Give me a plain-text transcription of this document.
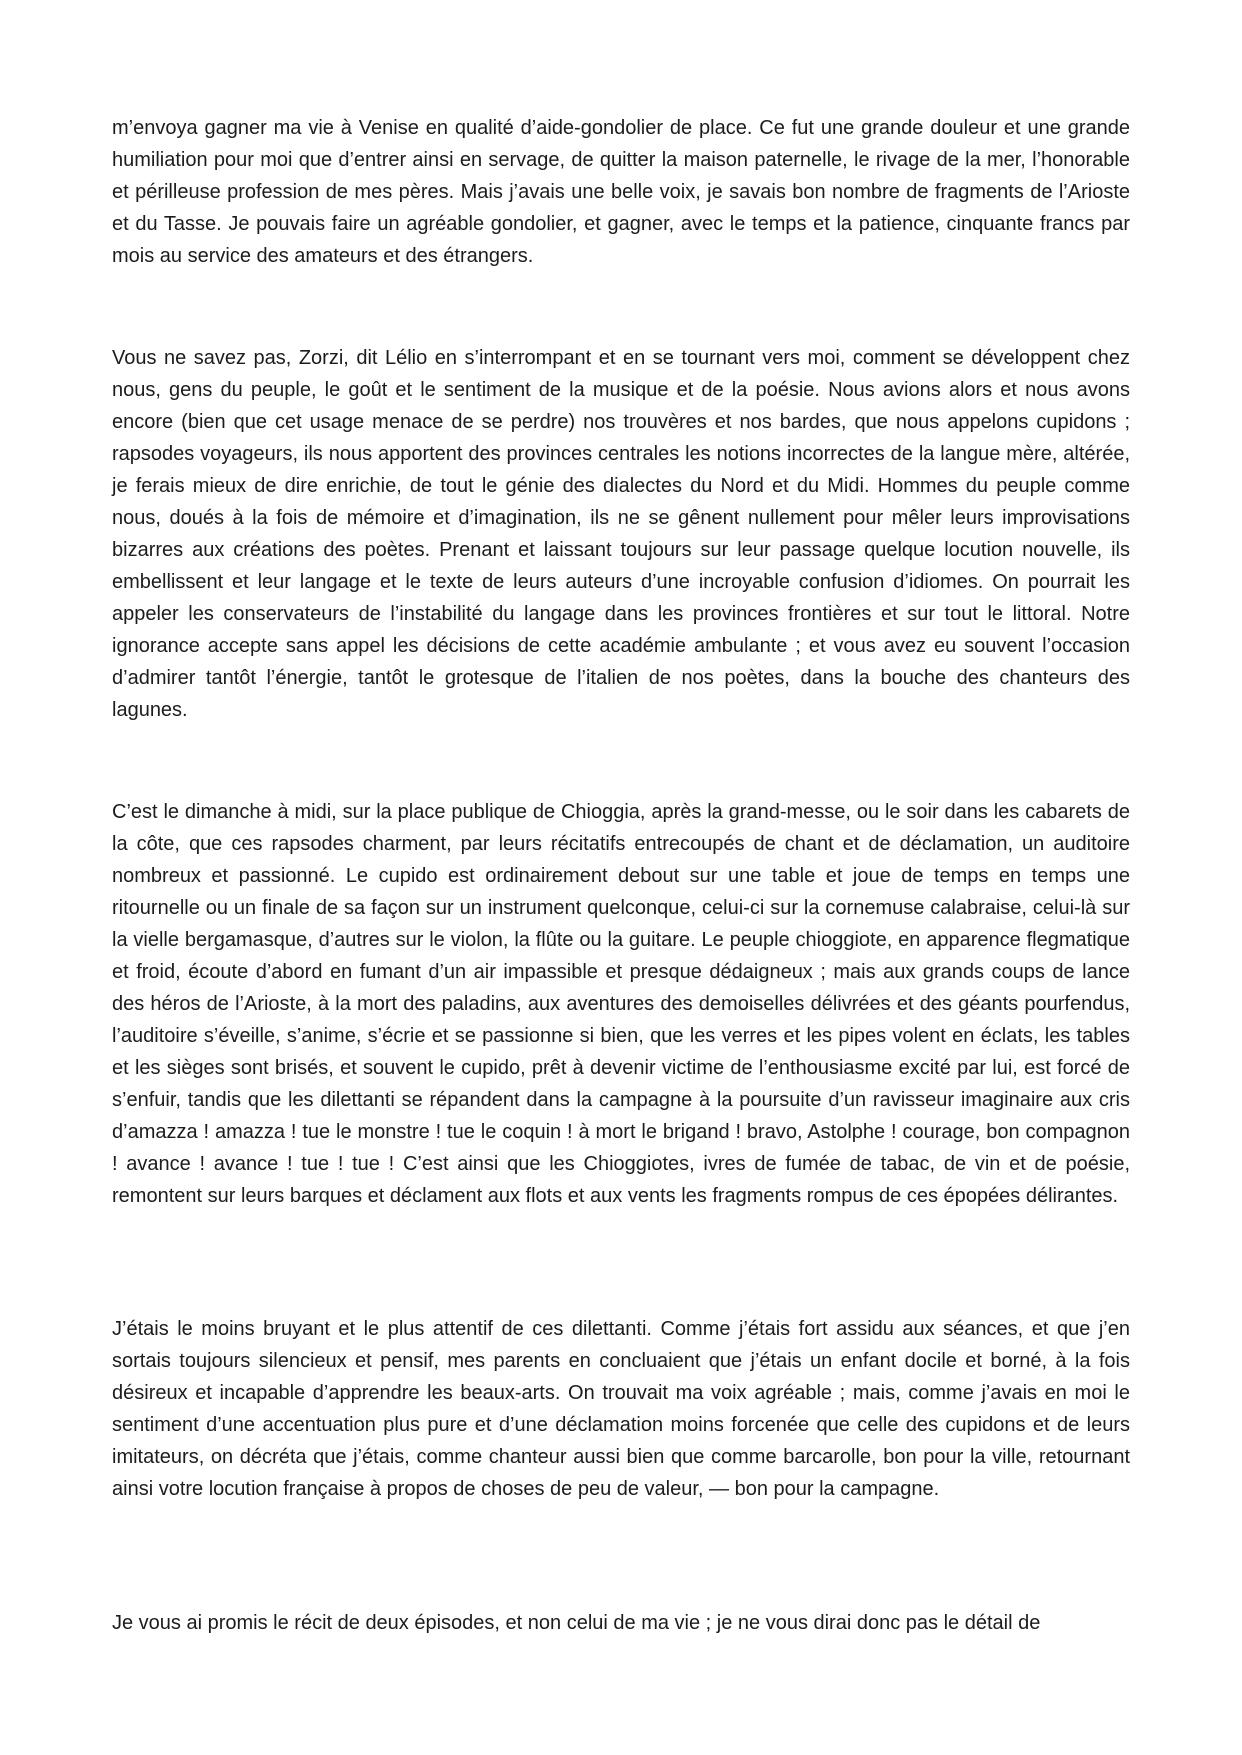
m’envoya gagner ma vie à Venise en qualité d’aide-gondolier de place. Ce fut une grande douleur et une grande humiliation pour moi que d’entrer ainsi en servage, de quitter la maison paternelle, le rivage de la mer, l’honorable et périlleuse profession de mes pères. Mais j’avais une belle voix, je savais bon nombre de fragments de l’Arioste et du Tasse. Je pouvais faire un agréable gondolier, et gagner, avec le temps et la patience, cinquante francs par mois au service des amateurs et des étrangers.

Vous ne savez pas, Zorzi, dit Lélio en s’interrompant et en se tournant vers moi, comment se développent chez nous, gens du peuple, le goût et le sentiment de la musique et de la poésie. Nous avions alors et nous avons encore (bien que cet usage menace de se perdre) nos trouvères et nos bardes, que nous appelons cupidons ; rapsodes voyageurs, ils nous apportent des provinces centrales les notions incorrectes de la langue mère, altérée, je ferais mieux de dire enrichie, de tout le génie des dialectes du Nord et du Midi. Hommes du peuple comme nous, doués à la fois de mémoire et d’imagination, ils ne se gênent nullement pour mêler leurs improvisations bizarres aux créations des poètes. Prenant et laissant toujours sur leur passage quelque locution nouvelle, ils embellissent et leur langage et le texte de leurs auteurs d’une incroyable confusion d’idiomes. On pourrait les appeler les conservateurs de l’instabilité du langage dans les provinces frontières et sur tout le littoral. Notre ignorance accepte sans appel les décisions de cette académie ambulante ; et vous avez eu souvent l’occasion d’admirer tantôt l’énergie, tantôt le grotesque de l’italien de nos poètes, dans la bouche des chanteurs des lagunes.

C’est le dimanche à midi, sur la place publique de Chioggia, après la grand-messe, ou le soir dans les cabarets de la côte, que ces rapsodes charment, par leurs récitatifs entrecoupés de chant et de déclamation, un auditoire nombreux et passionné. Le cupido est ordinairement debout sur une table et joue de temps en temps une ritournelle ou un finale de sa façon sur un instrument quelconque, celui-ci sur la cornemuse calabraise, celui-là sur la vielle bergamasque, d’autres sur le violon, la flûte ou la guitare. Le peuple chioggiote, en apparence flegmatique et froid, écoute d’abord en fumant d’un air impassible et presque dédaigneux ; mais aux grands coups de lance des héros de l’Arioste, à la mort des paladins, aux aventures des demoiselles délivrées et des géants pourfendus, l’auditoire s’éveille, s’anime, s’écrie et se passionne si bien, que les verres et les pipes volent en éclats, les tables et les sièges sont brisés, et souvent le cupido, prêt à devenir victime de l’enthousiasme excité par lui, est forcé de s’enfuir, tandis que les dilettanti se répandent dans la campagne à la poursuite d’un ravisseur imaginaire aux cris d’amazza ! amazza ! tue le monstre ! tue le coquin ! à mort le brigand ! bravo, Astolphe ! courage, bon compagnon ! avance ! avance ! tue ! tue ! C’est ainsi que les Chioggiotes, ivres de fumée de tabac, de vin et de poésie, remontent sur leurs barques et déclament aux flots et aux vents les fragments rompus de ces épopées délirantes.

J’étais le moins bruyant et le plus attentif de ces dilettanti. Comme j’étais fort assidu aux séances, et que j’en sortais toujours silencieux et pensif, mes parents en concluaient que j’étais un enfant docile et borné, à la fois désireux et incapable d’apprendre les beaux-arts. On trouvait ma voix agréable ; mais, comme j’avais en moi le sentiment d’une accentuation plus pure et d’une déclamation moins forcenée que celle des cupidons et de leurs imitateurs, on décréta que j’étais, comme chanteur aussi bien que comme barcarolle, bon pour la ville, retournant ainsi votre locution française à propos de choses de peu de valeur, — bon pour la campagne.

Je vous ai promis le récit de deux épisodes, et non celui de ma vie ; je ne vous dirai donc pas le détail de
